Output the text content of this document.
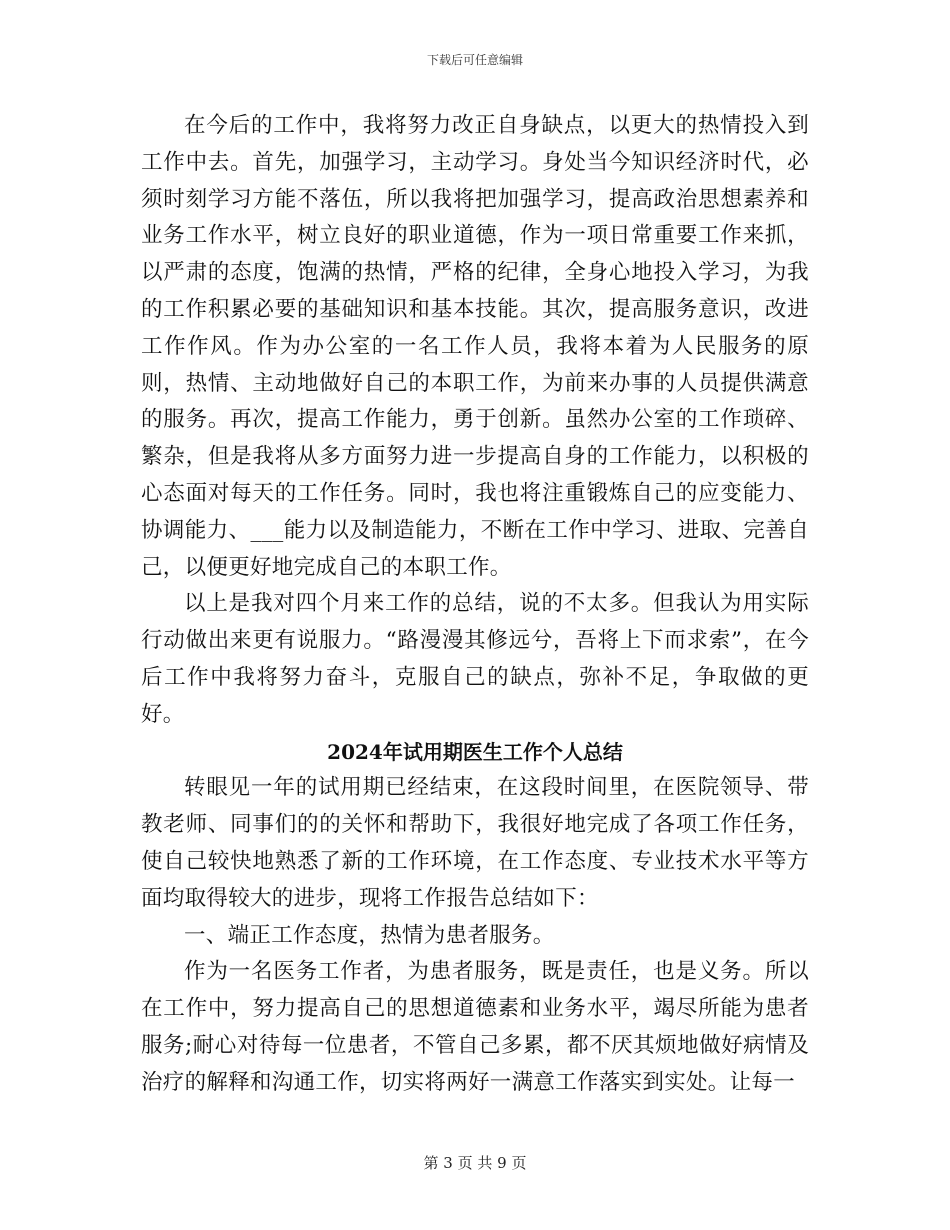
下载后可任意编辑

在今后的工作中，我将努力改正自身缺点，以更大的热情投入到工作中去。首先，加强学习，主动学习。身处当今知识经济时代，必须时刻学习方能不落伍，所以我将把加强学习，提高政治思想素养和业务工作水平，树立良好的职业道德，作为一项日常重要工作来抓，以严肃的态度，饱满的热情，严格的纪律，全身心地投入学习，为我的工作积累必要的基础知识和基本技能。其次，提高服务意识，改进工作作风。作为办公室的一名工作人员，我将本着为人民服务的原则，热情、主动地做好自己的本职工作，为前来办事的人员提供满意的服务。再次，提高工作能力，勇于创新。虽然办公室的工作琐碎、繁杂，但是我将从多方面努力进一步提高自身的工作能力，以积极的心态面对每天的工作任务。同时，我也将注重锻炼自己的应变能力、协调能力、___能力以及制造能力，不断在工作中学习、进取、完善自己，以便更好地完成自己的本职工作。

以上是我对四个月来工作的总结，说的不太多。但我认为用实际行动做出来更有说服力。“路漫漫其修远兮，吾将上下而求索”，在今后工作中我将努力奋斗，克服自己的缺点，弥补不足，争取做的更好。

2024年试用期医生工作个人总结

转眼见一年的试用期已经结束，在这段时间里，在医院领导、带教老师、同事们的的关怀和帮助下，我很好地完成了各项工作任务，使自己较快地熟悉了新的工作环境，在工作态度、专业技术水平等方面均取得较大的进步，现将工作报告总结如下：

一、端正工作态度，热情为患者服务。

作为一名医务工作者，为患者服务，既是责任，也是义务。所以在工作中，努力提高自己的思想道德素和业务水平，竭尽所能为患者服务;耐心对待每一位患者，不管自己多累，都不厌其烦地做好病情及治疗的解释和沟通工作，切实将两好一满意工作落实到实处。让每一

第 3 页 共 9 页
